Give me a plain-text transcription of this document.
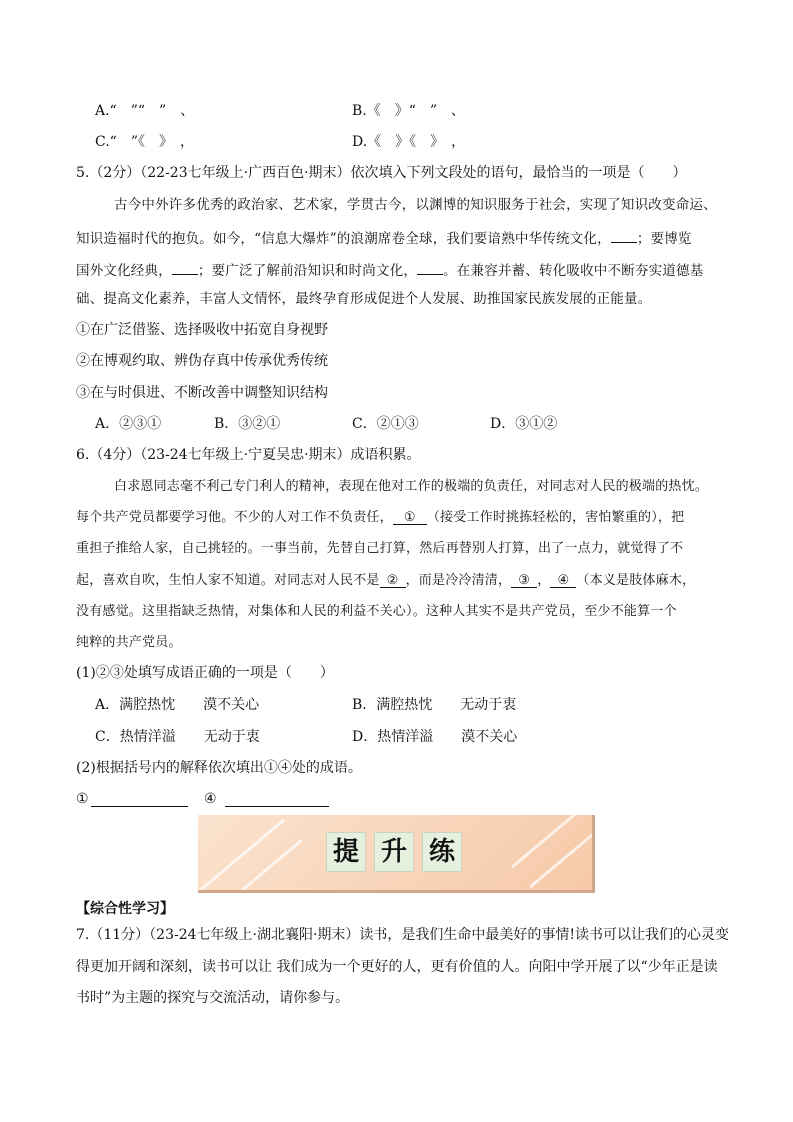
A.“　”“　”　、	B.《　》“　”　、
C.“　”《　》　，	D.《　》《　》　，
5.（2分）（22-23七年级上·广西百色·期末）依次填入下列文段处的语句，最恰当的一项是（　　）
古今中外许多优秀的政治家、艺术家，学贯古今，以渊博的知识服务于社会，实现了知识改变命运、
知识造福时代的抱负。如今，“信息大爆炸”的浪潮席卷全球，我们要谙熟中华传统文化， ；要博览
国外文化经典， ；要广泛了解前沿知识和时尚文化， 。在兼容并蓄、转化吸收中不断夯实道德基
础、提高文化素养，丰富人文情怀，最终孕育形成促进个人发展、助推国家民族发展的正能量。
①在广泛借鉴、选择吸收中拓宽自身视野
②在博观约取、辨伪存真中传承优秀传统
③在与时俱进、不断改善中调整知识结构
A．②③①	B．③②①	C．②①③	D．③①②
6.（4分）（23-24七年级上·宁夏吴忠·期末）成语积累。
白求恩同志毫不利己专门利人的精神，表现在他对工作的极端的负责任，对同志对人民的极端的热忱。
每个共产党员都要学习他。不少的人对工作不负责任， ① （接受工作时挑拣轻松的，害怕繁重的），把
重担子推给人家，自己挑轻的。一事当前，先替自己打算，然后再替别人打算，出了一点力，就觉得了不
起，喜欢自吹，生怕人家不知道。对同志对人民不是 ② ，而是冷冷清清， ③ ， ④ （本义是肢体麻木，
没有感觉。这里指缺乏热情，对集体和人民的利益不关心）。这种人其实不是共产党员，至少不能算一个
纯粹的共产党员。
(1)②③处填写成语正确的一项是（　　）
A．满腔热忱　　漠不关心	B．满腔热忱　　无动于衷
C．热情洋溢　　无动于衷	D．热情洋溢　　漠不关心
(2)根据括号内的解释依次填出①④处的成语。
①	④
提 升 练
【综合性学习】
7.（11分）（23-24七年级上·湖北襄阳·期末）读书，是我们生命中最美好的事情!读书可以让我们的心灵变
得更加开阔和深刻，读书可以让 我们成为一个更好的人，更有价值的人。向阳中学开展了以“少年正是读
书时”为主题的探究与交流活动，请你参与。
